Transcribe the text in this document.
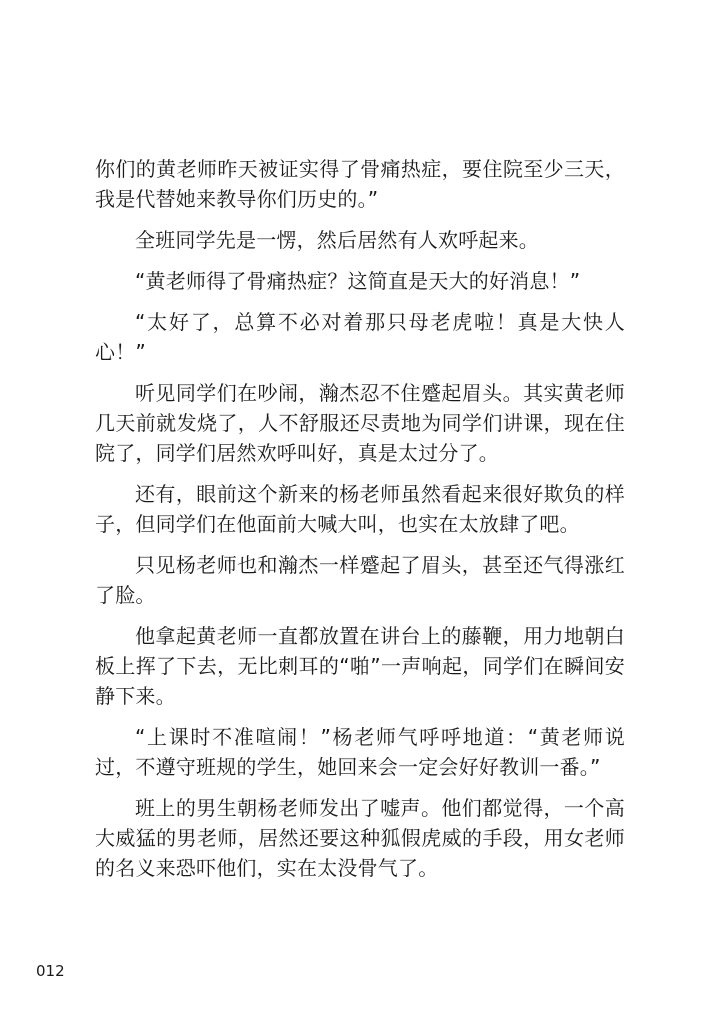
你们的黄老师昨天被证实得了骨痛热症，要住院至少三天，我是代替她来教导你们历史的。”

全班同学先是一愣，然后居然有人欢呼起来。

“黄老师得了骨痛热症？这简直是天大的好消息！”

“太好了，总算不必对着那只母老虎啦！真是大快人心！”

听见同学们在吵闹，瀚杰忍不住蹙起眉头。其实黄老师几天前就发烧了，人不舒服还尽责地为同学们讲课，现在住院了，同学们居然欢呼叫好，真是太过分了。

还有，眼前这个新来的杨老师虽然看起来很好欺负的样子，但同学们在他面前大喊大叫，也实在太放肆了吧。

只见杨老师也和瀚杰一样蹙起了眉头，甚至还气得涨红了脸。

他拿起黄老师一直都放置在讲台上的藤鞭，用力地朝白板上挥了下去，无比刺耳的“啪”一声响起，同学们在瞬间安静下来。

“上课时不准喧闹！”杨老师气呼呼地道：“黄老师说过，不遵守班规的学生，她回来会一定会好好教训一番。”

班上的男生朝杨老师发出了嘘声。他们都觉得，一个高大威猛的男老师，居然还要这种狐假虎威的手段，用女老师的名义来恐吓他们，实在太没骨气了。

012
